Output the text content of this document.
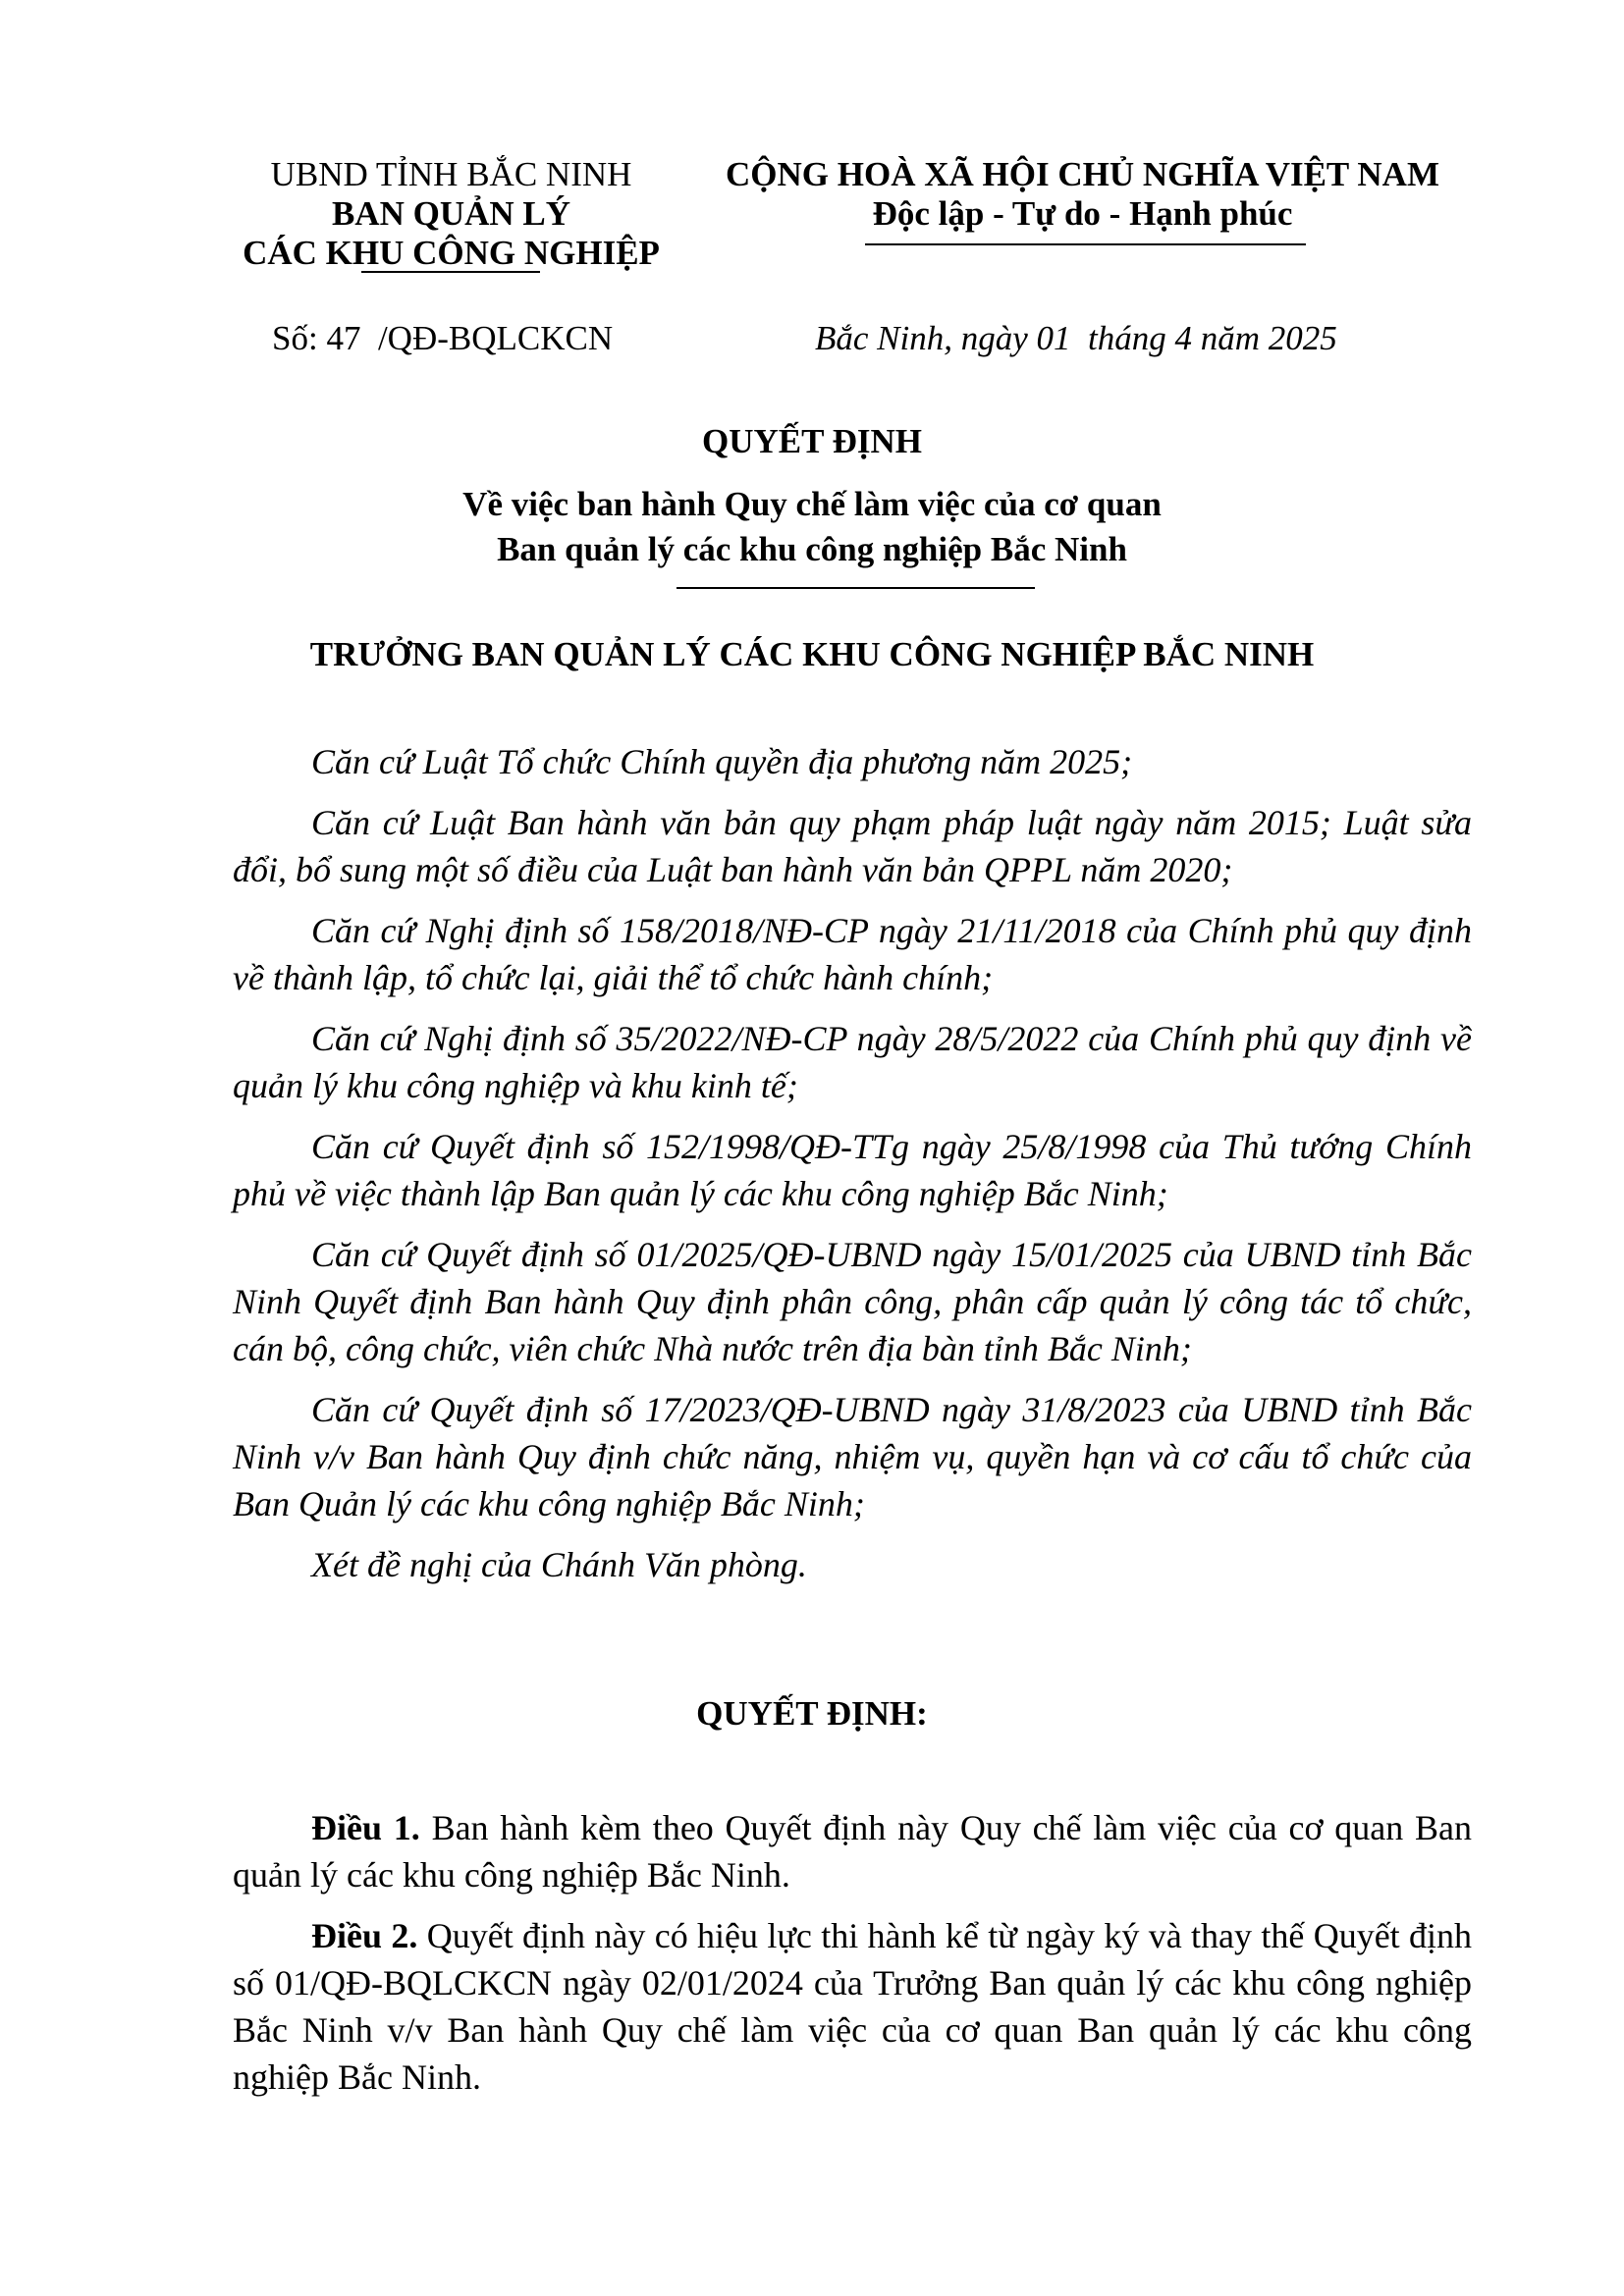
UBND TỈNH BẮC NINH
BAN QUẢN LÝ
CÁC KHU CÔNG NGHIỆP
CỘNG HOÀ XÃ HỘI CHỦ NGHĨA VIỆT NAM
Độc lập - Tự do - Hạnh phúc
Số: 47 /QĐ-BQLCKCN	Bắc Ninh, ngày 01 tháng 4 năm 2025
QUYẾT ĐỊNH
Về việc ban hành Quy chế làm việc của cơ quan
Ban quản lý các khu công nghiệp Bắc Ninh
TRƯỞNG BAN QUẢN LÝ CÁC KHU CÔNG NGHIỆP BẮC NINH

Căn cứ Luật Tổ chức Chính quyền địa phương năm 2025;

Căn cứ Luật Ban hành văn bản quy phạm pháp luật ngày năm 2015; Luật sửa đổi, bổ sung một số điều của Luật ban hành văn bản QPPL năm 2020;

Căn cứ Nghị định số 158/2018/NĐ-CP ngày 21/11/2018 của Chính phủ quy định về thành lập, tổ chức lại, giải thể tổ chức hành chính;

Căn cứ Nghị định số 35/2022/NĐ-CP ngày 28/5/2022 của Chính phủ quy định về quản lý khu công nghiệp và khu kinh tế;

Căn cứ Quyết định số 152/1998/QĐ-TTg ngày 25/8/1998 của Thủ tướng Chính phủ về việc thành lập Ban quản lý các khu công nghiệp Bắc Ninh;

Căn cứ Quyết định số 01/2025/QĐ-UBND ngày 15/01/2025 của UBND tỉnh Bắc Ninh Quyết định Ban hành Quy định phân công, phân cấp quản lý công tác tổ chức, cán bộ, công chức, viên chức Nhà nước trên địa bàn tỉnh Bắc Ninh;

Căn cứ Quyết định số 17/2023/QĐ-UBND ngày 31/8/2023 của UBND tỉnh Bắc Ninh v/v Ban hành Quy định chức năng, nhiệm vụ, quyền hạn và cơ cấu tổ chức của Ban Quản lý các khu công nghiệp Bắc Ninh;

Xét đề nghị của Chánh Văn phòng.

QUYẾT ĐỊNH:

Điều 1. Ban hành kèm theo Quyết định này Quy chế làm việc của cơ quan Ban quản lý các khu công nghiệp Bắc Ninh.

Điều 2. Quyết định này có hiệu lực thi hành kể từ ngày ký và thay thế Quyết định số 01/QĐ-BQLCKCN ngày 02/01/2024 của Trưởng Ban quản lý các khu công nghiệp Bắc Ninh v/v Ban hành Quy chế làm việc của cơ quan Ban quản lý các khu công nghiệp Bắc Ninh.
